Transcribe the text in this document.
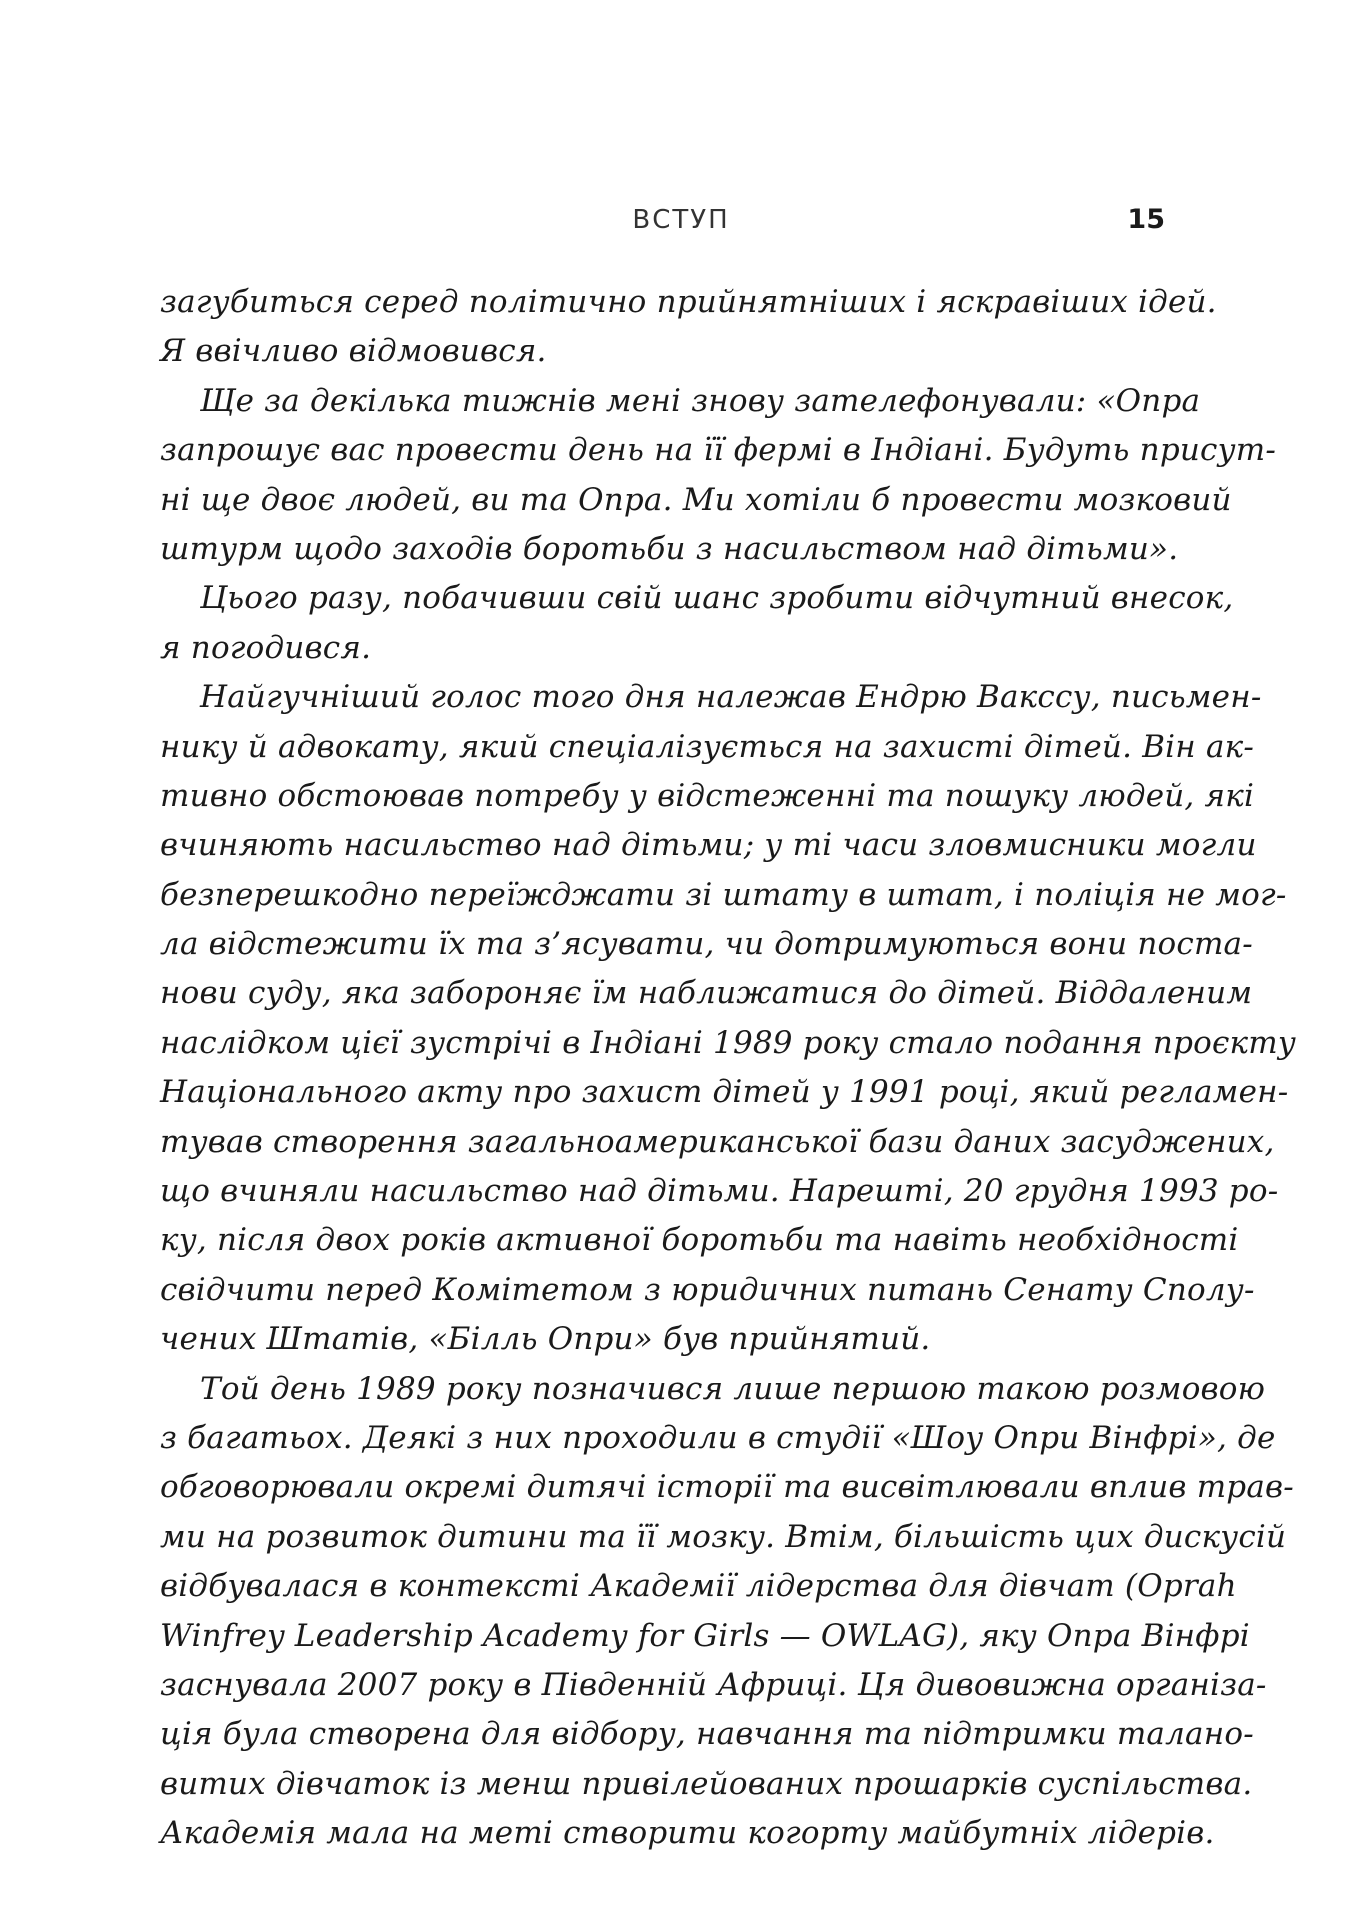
ВСТУП	15
загубиться серед політично прийнятніших і яскравіших ідей.
Я ввічливо відмовився.
Ще за декілька тижнів мені знову зателефонували: «Опра
запрошує вас провести день на її фермі в Індіані. Будуть присут-
ні ще двоє людей, ви та Опра. Ми хотіли б провести мозковий
штурм щодо заходів боротьби з насильством над дітьми».
Цього разу, побачивши свій шанс зробити відчутний внесок,
я погодився.
Найгучніший голос того дня належав Ендрю Ваксcу, письмен-
нику й адвокату, який спеціалізується на захисті дітей. Він ак-
тивно обстоював потребу у відстеженні та пошуку людей, які
вчиняють насильство над дітьми; у ті часи зловмисники могли
безперешкодно переїжджати зі штату в штат, і поліція не мог-
ла відстежити їх та з’ясувати, чи дотримуються вони поста-
нови суду, яка забороняє їм наближатися до дітей. Віддаленим
наслідком цієї зустрічі в Індіані 1989 року стало подання проєкту
Національного акту про захист дітей у 1991 році, який регламен-
тував створення загальноамериканської бази даних засуджених,
що вчиняли насильство над дітьми. Нарешті, 20 грудня 1993 ро-
ку, після двох років активної боротьби та навіть необхідності
свідчити перед Комітетом з юридичних питань Сенату Сполу-
чених Штатів, «Білль Опри» був прийнятий.
Той день 1989 року позначився лише першою такою розмовою
з багатьох. Деякі з них проходили в студії «Шоу Опри Вінфрі», де
обговорювали окремі дитячі історії та висвітлювали вплив трав-
ми на розвиток дитини та її мозку. Втім, більшість цих дискусій
відбувалася в контексті Академії лідерства для дівчат (Oprah
Winfrey Leadership Academy for Girls — OWLAG), яку Опра Вінфрі
заснувала 2007 року в Південній Африці. Ця дивовижна організа-
ція була створена для відбору, навчання та підтримки талано-
витих дівчаток із менш привілейованих прошарків суспільства.
Академія мала на меті створити когорту майбутніх лідерів.
